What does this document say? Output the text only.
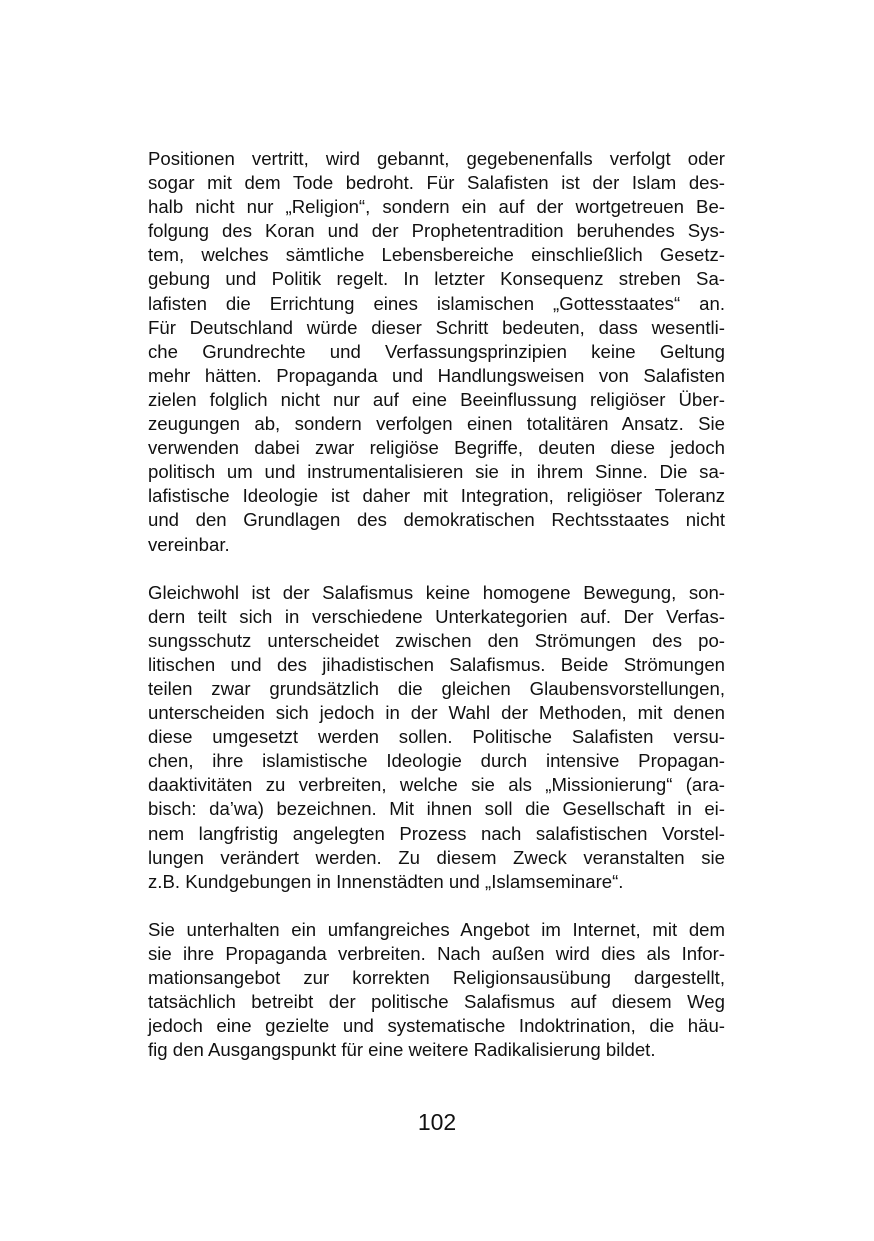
Positionen vertritt, wird gebannt, gegebenenfalls verfolgt oder
sogar mit dem Tode bedroht. Für Salafisten ist der Islam des-
halb nicht nur „Religion“, sondern ein auf der wortgetreuen Be-
folgung des Koran und der Prophetentradition beruhendes Sys-
tem, welches sämtliche Lebensbereiche einschließlich Gesetz-
gebung und Politik regelt. In letzter Konsequenz streben Sa-
lafisten die Errichtung eines islamischen „Gottesstaates“ an.
Für Deutschland würde dieser Schritt bedeuten, dass wesentli-
che Grundrechte und Verfassungsprinzipien keine Geltung
mehr hätten. Propaganda und Handlungsweisen von Salafisten
zielen folglich nicht nur auf eine Beeinflussung religiöser Über-
zeugungen ab, sondern verfolgen einen totalitären Ansatz. Sie
verwenden dabei zwar religiöse Begriffe, deuten diese jedoch
politisch um und instrumentalisieren sie in ihrem Sinne. Die sa-
lafistische Ideologie ist daher mit Integration, religiöser Toleranz
und den Grundlagen des demokratischen Rechtsstaates nicht
vereinbar.

Gleichwohl ist der Salafismus keine homogene Bewegung, son-
dern teilt sich in verschiedene Unterkategorien auf. Der Verfas-
sungsschutz unterscheidet zwischen den Strömungen des po-
litischen und des jihadistischen Salafismus. Beide Strömungen
teilen zwar grundsätzlich die gleichen Glaubensvorstellungen,
unterscheiden sich jedoch in der Wahl der Methoden, mit denen
diese umgesetzt werden sollen. Politische Salafisten versu-
chen, ihre islamistische Ideologie durch intensive Propagan-
daaktivitäten zu verbreiten, welche sie als „Missionierung“ (ara-
bisch: da’wa) bezeichnen. Mit ihnen soll die Gesellschaft in ei-
nem langfristig angelegten Prozess nach salafistischen Vorstel-
lungen verändert werden. Zu diesem Zweck veranstalten sie
z.B. Kundgebungen in Innenstädten und „Islamseminare“.

Sie unterhalten ein umfangreiches Angebot im Internet, mit dem
sie ihre Propaganda verbreiten. Nach außen wird dies als Infor-
mationsangebot zur korrekten Religionsausübung dargestellt,
tatsächlich betreibt der politische Salafismus auf diesem Weg
jedoch eine gezielte und systematische Indoktrination, die häu-
fig den Ausgangspunkt für eine weitere Radikalisierung bildet.

102
